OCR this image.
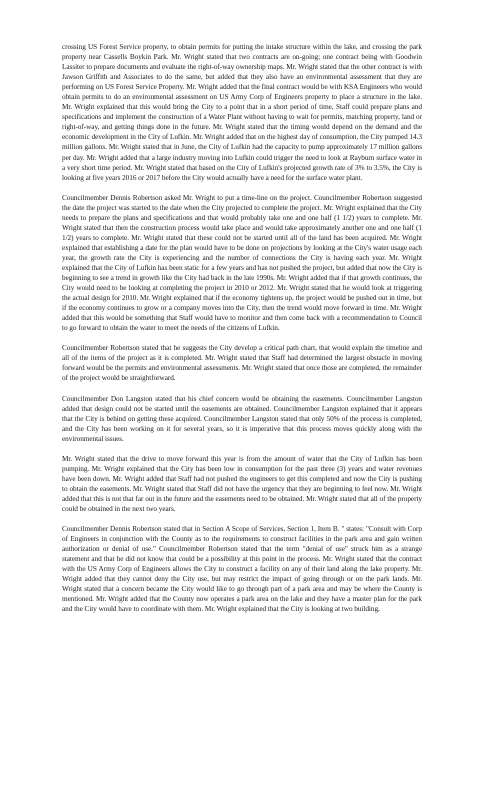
crossing US Forest Service property, to obtain permits for putting the intake structure within the lake, and crossing the park property near Cassells Boykin Park. Mr. Wright stated that two contracts are on-going; one contract being with Goodwin Lassiter to prepare documents and evaluate the right-of-way ownership maps. Mr. Wright stated that the other contract is with Jawson Griffith and Associates to do the same, but added that they also have an environmental assessment that they are performing on US Forest Service Property. Mr. Wright added that the final contract would be with KSA Engineers who would obtain permits to do an environmental assessment on US Army Corp of Engineers property to place a structure in the lake. Mr. Wright explained that this would bring the City to a point that in a short period of time, Staff could prepare plans and specifications and implement the construction of a Water Plant without having to wait for permits, matching property, land or right-of-way, and getting things done in the future. Mr. Wright stated that the timing would depend on the demand and the economic development in the City of Lufkin. Mr. Wright added that on the highest day of consumption, the City pumped 14.3 million gallons. Mr. Wright stated that in June, the City of Lufkin had the capacity to pump approximately 17 million gallons per day. Mr. Wright added that a large industry moving into Lufkin could trigger the need to look at Rayburn surface water in a very short time period. Mr. Wright stated that based on the City of Lufkin's projected growth rate of 3% to 3.5%, the City is looking at five years 2016 or 2017 before the City would actually have a need for the surface water plant.

Councilmember Dennis Robertson asked Mr. Wright to put a time-line on the project. Councilmember Robertson suggested the date the project was started to the date when the City projected to complete the project. Mr. Wright explained that the City needs to prepare the plans and specifications and that would probably take one and one half (1 1/2) years to complete. Mr. Wright stated that then the construction process would take place and would take approximately another one and one half (1 1/2) years to complete. Mr. Wright stated that these could not be started until all of the land has been acquired. Mr. Wright explained that establishing a date for the plan would have to be done on projections by looking at the City's water usage each year, the growth rate the City is experiencing and the number of connections the City is having each year. Mr. Wright explained that the City of Lufkin has been static for a few years and has not pushed the project, but added that now the City is beginning to see a trend in growth like the City had back in the late 1990s. Mr. Wright added that if that growth continues, the City would need to be looking at completing the project in 2010 or 2012. Mr. Wright stated that he would look at triggering the actual design for 2010. Mr. Wright explained that if the economy tightens up, the project would be pushed out in time, but if the economy continues to grow or a company moves into the City, then the trend would move forward in time. Mr. Wright added that this would be something that Staff would have to monitor and then come back with a recommendation to Council to go forward to obtain the water to meet the needs of the citizens of Lufkin.

Councilmember Robertson stated that he suggests the City develop a critical path chart, that would explain the timeline and all of the items of the project as it is completed. Mr. Wright stated that Staff had determined the largest obstacle in moving forward would be the permits and environmental assessments. Mr. Wright stated that once those are completed, the remainder of the project would be straightforward.

Councilmember Don Langston stated that his chief concern would be obtaining the easements. Councilmember Langston added that design could not be started until the easements are obtained. Councilmember Langston explained that it appears that the City is behind on getting these acquired. Councilmember Langston stated that only 50% of the process is completed, and the City has been working on it for several years, so it is imperative that this process moves quickly along with the environmental issues.

Mr. Wright stated that the drive to move forward this year is from the amount of water that the City of Lufkin has been pumping. Mr. Wright explained that the City has been low in consumption for the past three (3) years and water revenues have been down. Mr. Wright added that Staff had not pushed the engineers to get this completed and now the City is pushing to obtain the easements. Mr. Wright stated that Staff did not have the urgency that they are beginning to feel now. Mr. Wright added that this is not that far out in the future and the easements need to be obtained. Mr. Wright stated that all of the property could be obtained in the next two years.

Councilmember Dennis Robertson stated that in Section A Scope of Services, Section 1, Item B. " states: "Consult with Corp of Engineers in conjunction with the County as to the requirements to construct facilities in the park area and gain written authorization or denial of use." Councilmember Robertson stated that the term "denial of use" struck him as a strange statement and that he did not know that could be a possibility at this point in the process. Mr. Wright stated that the contract with the US Army Corp of Engineers allows the City to construct a facility on any of their land along the lake property. Mr. Wright added that they cannot deny the City use, but may restrict the impact of going through or on the park lands. Mr. Wright stated that a concern became the City would like to go through part of a park area and may be where the County is mentioned. Mr. Wright added that the County now operates a park area on the lake and they have a master plan for the park and the City would have to coordinate with them. Mr. Wright explained that the City is looking at two building,
